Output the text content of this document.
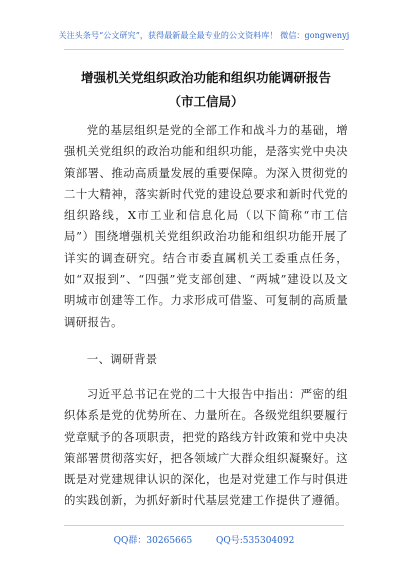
关注头条号“公文研究”，获得最新最全最专业的公文资料库！ 微信：gongwenyj
增强机关党组织政治功能和组织功能调研报告（市工信局）
党的基层组织是党的全部工作和战斗力的基础，增强机关党组织的政治功能和组织功能，是落实党中央决策部署、推动高质量发展的重要保障。为深入贯彻党的二十大精神，落实新时代党的建设总要求和新时代党的组织路线，X市工业和信息化局（以下简称“市工信局”）围绕增强机关党组织政治功能和组织功能开展了详实的调查研究。结合市委直属机关工委重点任务，如“双报到”、“四强”党支部创建、“两城”建设以及文明城市创建等工作。力求形成可借鉴、可复制的高质量调研报告。
一、调研背景
习近平总书记在党的二十大报告中指出：严密的组织体系是党的优势所在、力量所在。各级党组织要履行党章赋予的各项职责，把党的路线方针政策和党中央决策部署贯彻落实好，把各领域广大群众组织凝聚好。这既是对党建规律认识的深化，也是对党建工作与时俱进的实践创新，为抓好新时代基层党建工作提供了遵循。
QQ群：30265665	QQ号:535304092
